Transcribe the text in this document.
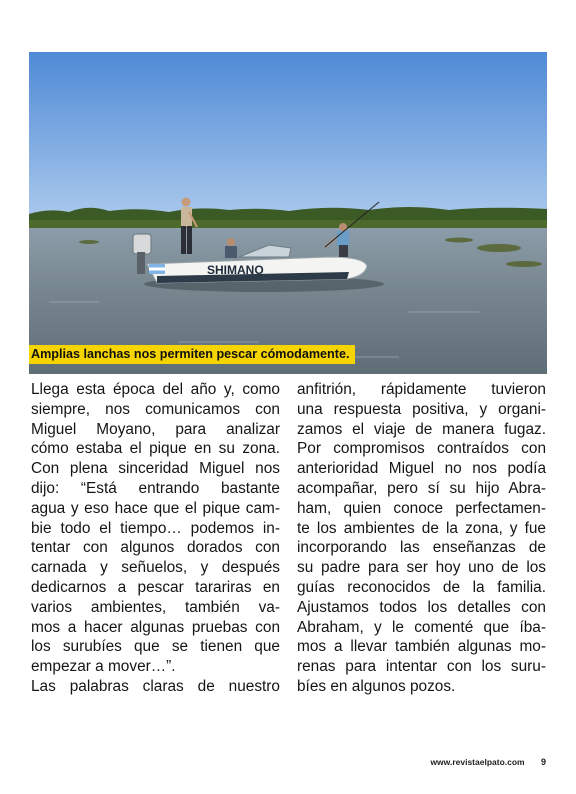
SHIMANO
Amplias lanchas nos permiten pescar cómodamente.
Llega esta época del año y, como
siempre, nos comunicamos con
Miguel Moyano, para analizar
cómo estaba el pique en su zona.
Con plena sinceridad Miguel nos
dijo: “Está entrando bastante
agua y eso hace que el pique cam-
bie todo el tiempo… podemos in-
tentar con algunos dorados con
carnada y señuelos, y después
dedicarnos a pescar tarariras en
varios ambientes, también va-
mos a hacer algunas pruebas con
los surubíes que se tienen que
empezar a mover…”.
Las palabras claras de nuestro
anfitrión, rápidamente tuvieron
una respuesta positiva, y organi-
zamos el viaje de manera fugaz.
Por compromisos contraídos con
anterioridad Miguel no nos podía
acompañar, pero sí su hijo Abra-
ham, quien conoce perfectamen-
te los ambientes de la zona, y fue
incorporando las enseñanzas de
su padre para ser hoy uno de los
guías reconocidos de la familia.
Ajustamos todos los detalles con
Abraham, y le comenté que íba-
mos a llevar también algunas mo-
renas para intentar con los suru-
bíes en algunos pozos.
www.revistaelpato.com 9
